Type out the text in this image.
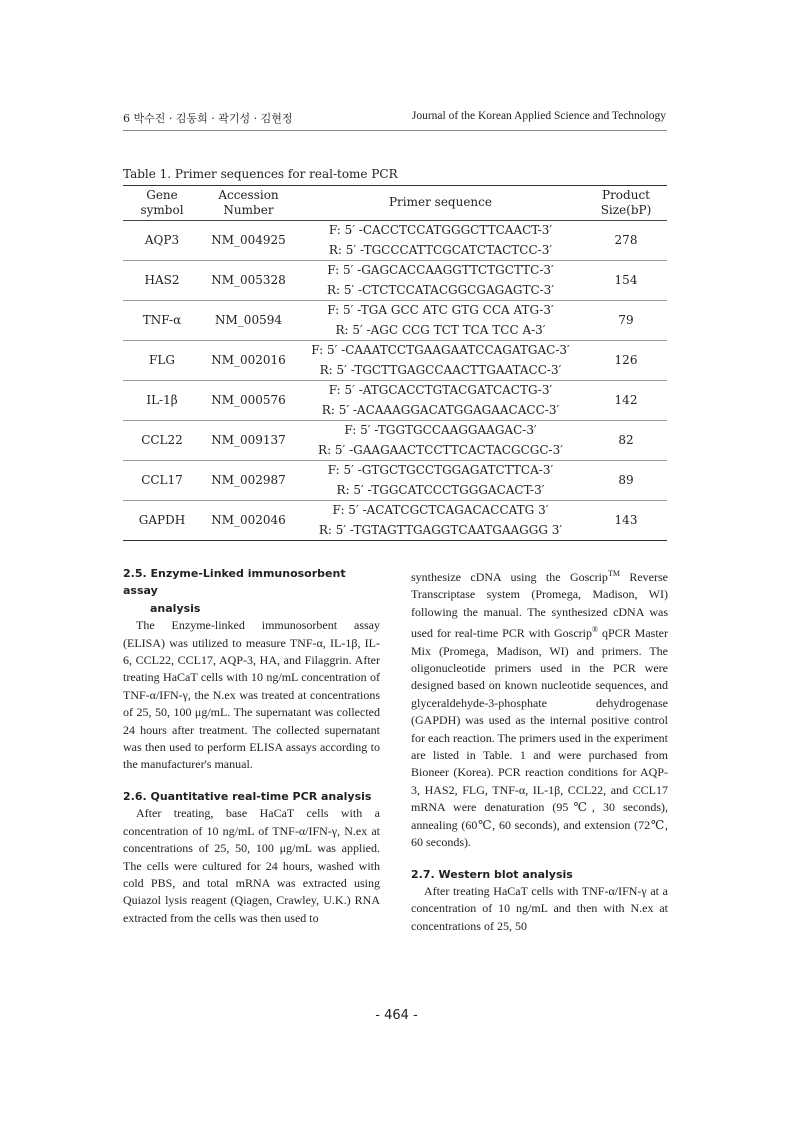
6 박수진 · 김동희 · 곽기성 · 김현정	Journal of the Korean Applied Science and Technology
Table 1. Primer sequences for real-tome PCR
Gene symbol	Accession Number	Primer sequence	Product Size(bP)
AQP3	NM_004925	F: 5′ -CACCTCCATGGGCTTCAACT-3′	278
		R: 5′ -TGCCCATTCGCATCTACTCC-3′	
HAS2	NM_005328	F: 5′ -GAGCACCAAGGTTCTGCTTC-3′	154
		R: 5′ -CTCTCCATACGGCGAGAGTC-3′	
TNF-α	NM_00594	F: 5′ -TGA GCC ATC GTG CCA ATG-3′	79
		R: 5′ -AGC CCG TCT TCA TCC A-3′	
FLG	NM_002016	F: 5′ -CAAATCCTGAAGAATCCAGATGAC-3′	126
		R: 5′ -TGCTTGAGCCAACTTGAATACC-3′	
IL-1β	NM_000576	F: 5′ -ATGCACCTGTACGATCACTG-3′	142
		R: 5′ -ACAAAGGACATGGAGAACACC-3′	
CCL22	NM_009137	F: 5′ -TGGTGCCAAGGAAGAC-3′	82
		R: 5′ -GAAGAACTCCTTCACTACGCGC-3′	
CCL17	NM_002987	F: 5′ -GTGCTGCCTGGAGATCTTCA-3′	89
		R: 5′ -TGGCATCCCTGGGACACT-3′	
GAPDH	NM_002046	F: 5′ -ACATCGCTCAGACACCATG 3′	143
		R: 5′ -TGTAGTTGAGGTCAATGAAGGG 3′	
2.5. Enzyme-Linked immunosorbent assay
analysis

The Enzyme-linked immunosorbent assay (ELISA) was utilized to measure TNF-α, IL-1β, IL-6, CCL22, CCL17, AQP-3, HA, and Filaggrin. After treating HaCaT cells with 10 ng/mL concentration of TNF-α/IFN-γ, the N.ex was treated at concentrations of 25, 50, 100 μg/mL. The supernatant was collected 24 hours after treatment. The collected supernatant was then used to perform ELISA assays according to the manufacturer's manual.

2.6. Quantitative real-time PCR analysis

After treating, base HaCaT cells with a concentration of 10 ng/mL of TNF-α/IFN-γ, N.ex at concentrations of 25, 50, 100 μg/mL was applied. The cells were cultured for 24 hours, washed with cold PBS, and total mRNA was extracted using Quiazol lysis reagent (Qiagen, Crawley, U.K.) RNA extracted from the cells was then used to

synthesize cDNA using the Goscrip™ Reverse Transcriptase system (Promega, Madison, WI) following the manual. The synthesized cDNA was used for real-time PCR with Goscrip® qPCR Master Mix (Promega, Madison, WI) and primers. The oligonucleotide primers used in the PCR were designed based on known nucleotide sequences, and glyceraldehyde-3-phosphate dehydrogenase (GAPDH) was used as the internal positive control for each reaction. The primers used in the experiment are listed in Table. 1 and were purchased from Bioneer (Korea). PCR reaction conditions for AQP-3, HAS2, FLG, TNF-α, IL-1β, CCL22, and CCL17 mRNA were denaturation (95℃, 30 seconds), annealing (60℃, 60 seconds), and extension (72℃, 60 seconds).

2.7. Western blot analysis

After treating HaCaT cells with TNF-α/IFN-γ at a concentration of 10 ng/mL and then with N.ex at concentrations of 25, 50

- 464 -
